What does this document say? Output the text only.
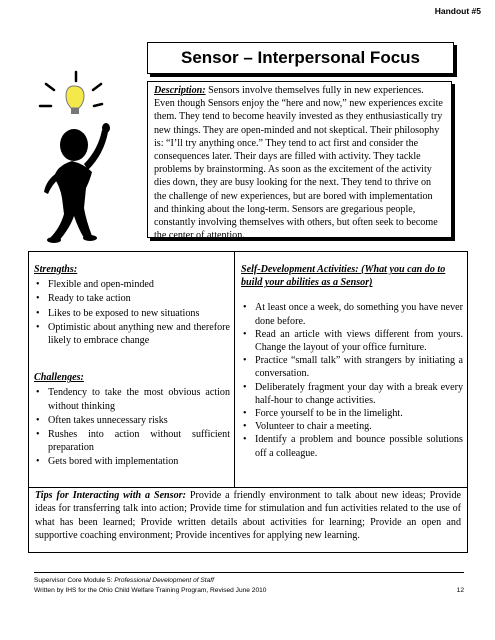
Handout #5
Sensor – Interpersonal Focus
Description: Sensors involve themselves fully in new experiences. Even though Sensors enjoy the “here and now,” new experiences excite them. They tend to become heavily invested as they enthusiastically try new things. They are open-minded and not skeptical. Their philosophy is: “I’ll try anything once.” They tend to act first and consider the consequences later. Their days are filled with activity. They tackle problems by brainstorming. As soon as the excitement of the activity dies down, they are busy looking for the next. They tend to thrive on the challenge of new experiences, but are bored with implementation and thinking about the long-term. Sensors are gregarious people, constantly involving themselves with others, but often seek to become the center of attention.
Strengths:
• Flexible and open-minded
• Ready to take action
• Likes to be exposed to new situations
• Optimistic about anything new and therefore likely to embrace change
Challenges:
• Tendency to take the most obvious action without thinking
• Often takes unnecessary risks
• Rushes into action without sufficient preparation
• Gets bored with implementation
Self-Development Activities: (What you can do to build your abilities as a Sensor)
• At least once a week, do something you have never done before.
• Read an article with views different from yours. Change the layout of your office furniture.
• Practice “small talk” with strangers by initiating a conversation.
• Deliberately fragment your day with a break every half-hour to change activities.
• Force yourself to be in the limelight.
• Volunteer to chair a meeting.
• Identify a problem and bounce possible solutions off a colleague.
Tips for Interacting with a Sensor: Provide a friendly environment to talk about new ideas; Provide ideas for transferring talk into action; Provide time for stimulation and fun activities related to the use of what has been learned; Provide written details about activities for learning; Provide an open and supportive coaching environment; Provide incentives for applying new learning.
Supervisor Core Module 5: Professional Development of Staff
Written by IHS for the Ohio Child Welfare Training Program, Revised June 2010	12
